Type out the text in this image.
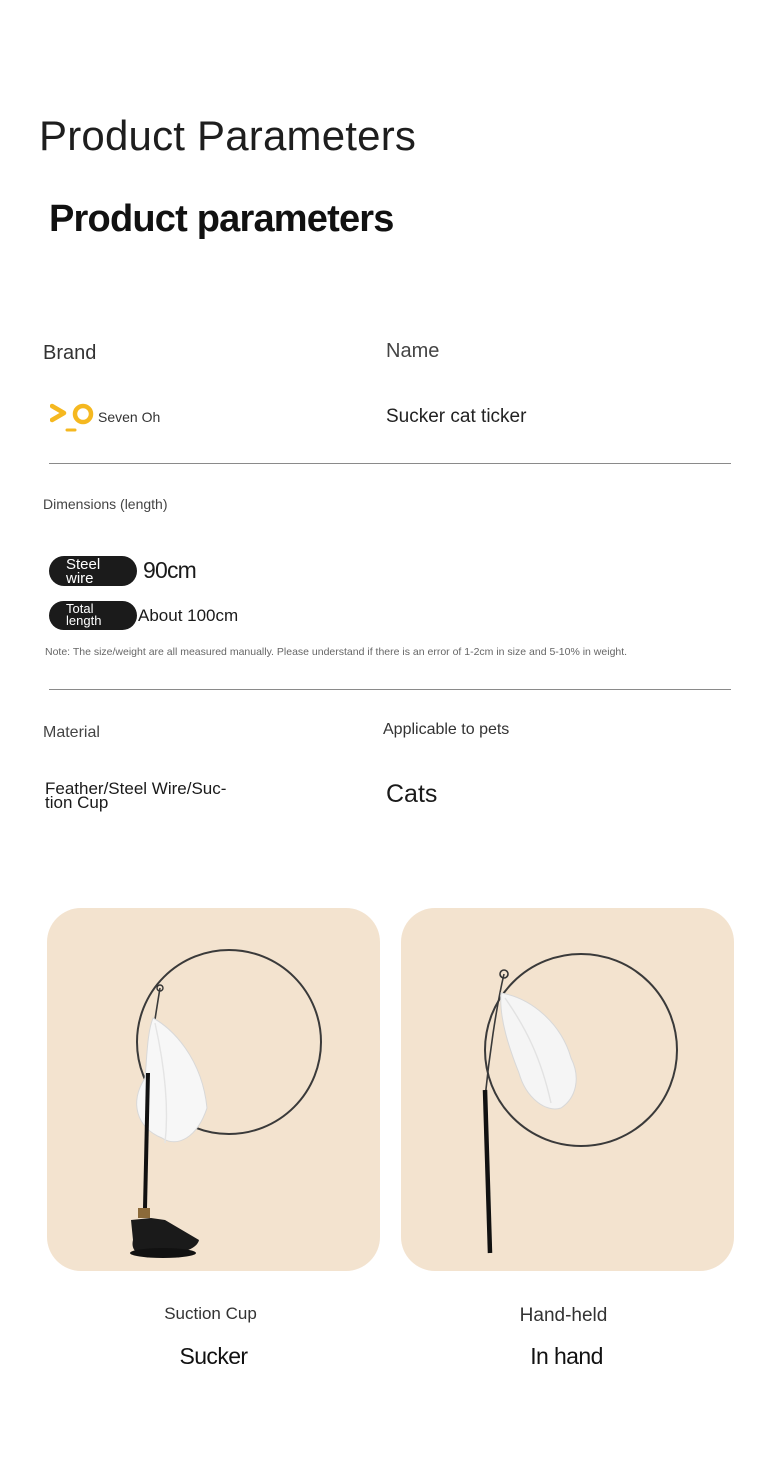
Product Parameters
Product parameters
Brand	Name
Seven Oh	Sucker cat ticker
Dimensions (length)
Steel
wire	90cm
Total
length	About 100cm
Note: The size/weight are all measured manually. Please understand if there is an error of 1-2cm in size and 5-10% in weight.
Material	Applicable to pets
Feather/Steel Wire/Suc-
tion Cup	Cats
Suction Cup
Sucker
Hand-held
In hand
